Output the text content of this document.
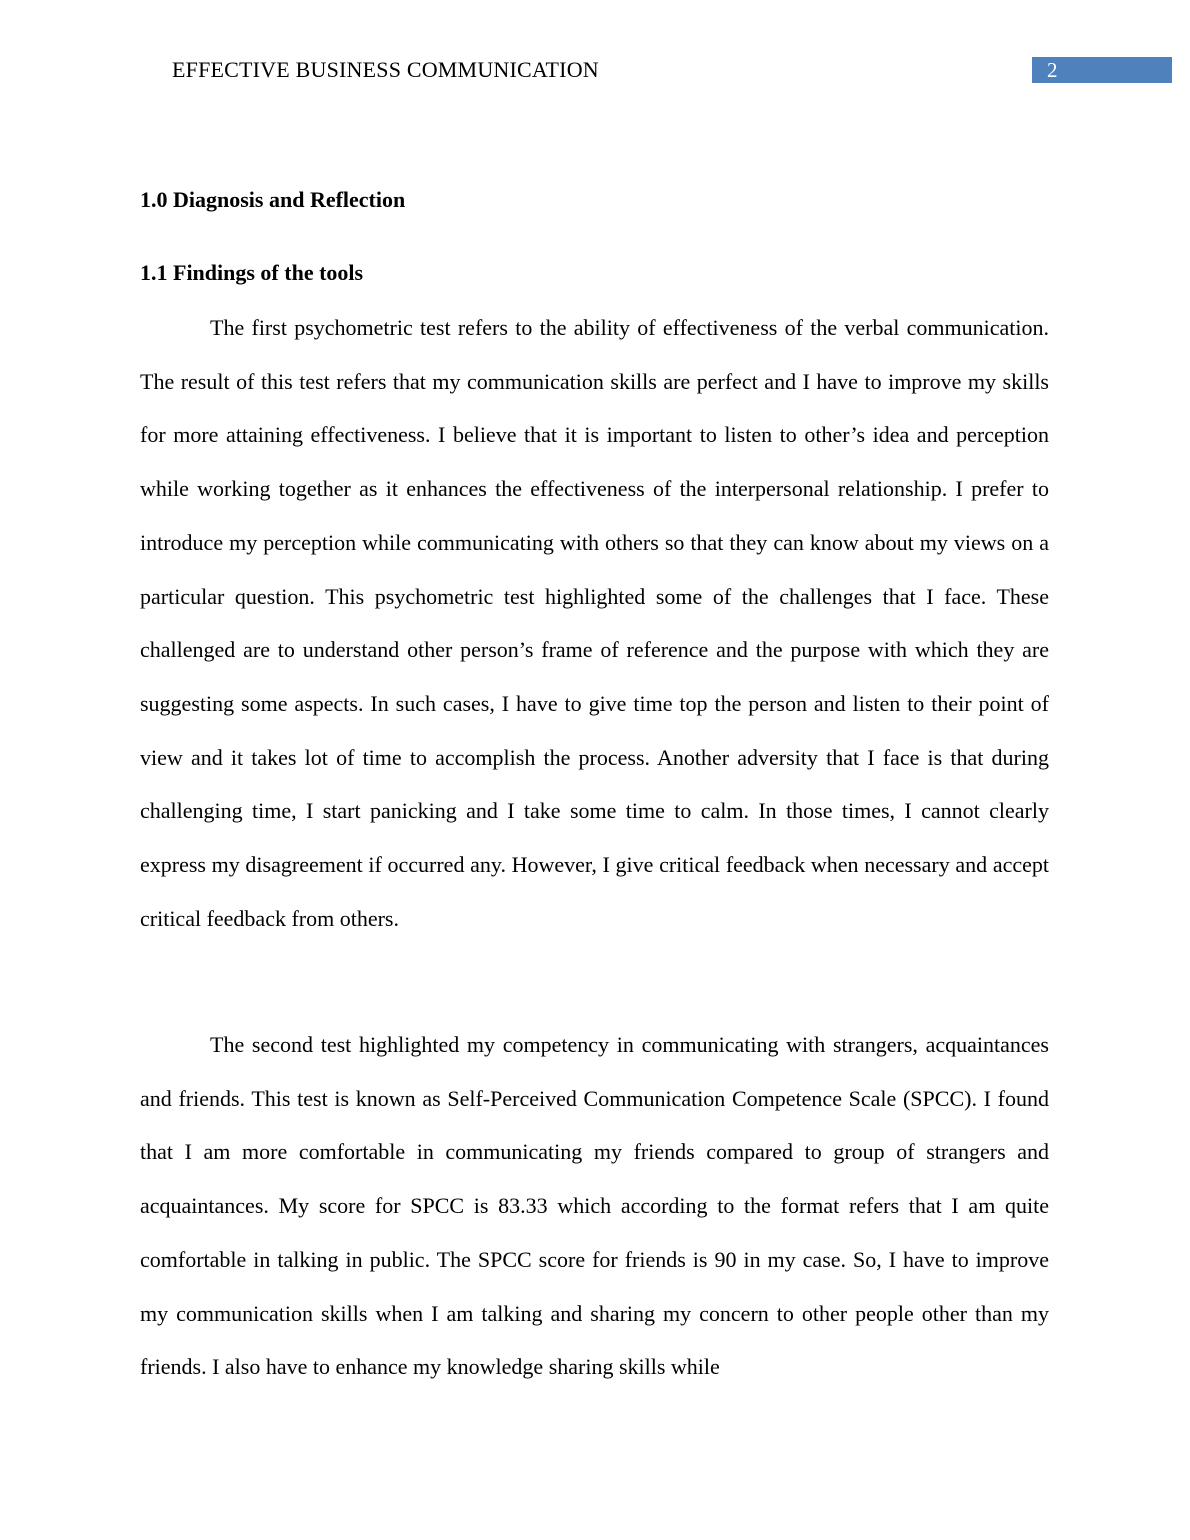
EFFECTIVE BUSINESS COMMUNICATION	2
1.0 Diagnosis and Reflection
1.1 Findings of the tools

The first psychometric test refers to the ability of effectiveness of the verbal communication. The result of this test refers that my communication skills are perfect and I have to improve my skills for more attaining effectiveness. I believe that it is important to listen to other’s idea and perception while working together as it enhances the effectiveness of the interpersonal relationship. I prefer to introduce my perception while communicating with others so that they can know about my views on a particular question. This psychometric test highlighted some of the challenges that I face. These challenged are to understand other person’s frame of reference and the purpose with which they are suggesting some aspects. In such cases, I have to give time top the person and listen to their point of view and it takes lot of time to accomplish the process. Another adversity that I face is that during challenging time, I start panicking and I take some time to calm. In those times, I cannot clearly express my disagreement if occurred any. However, I give critical feedback when necessary and accept critical feedback from others.

The second test highlighted my competency in communicating with strangers, acquaintances and friends. This test is known as Self-Perceived Communication Competence Scale (SPCC). I found that I am more comfortable in communicating my friends compared to group of strangers and acquaintances. My score for SPCC is 83.33 which according to the format refers that I am quite comfortable in talking in public. The SPCC score for friends is 90 in my case. So, I have to improve my communication skills when I am talking and sharing my concern to other people other than my friends. I also have to enhance my knowledge sharing skills while
